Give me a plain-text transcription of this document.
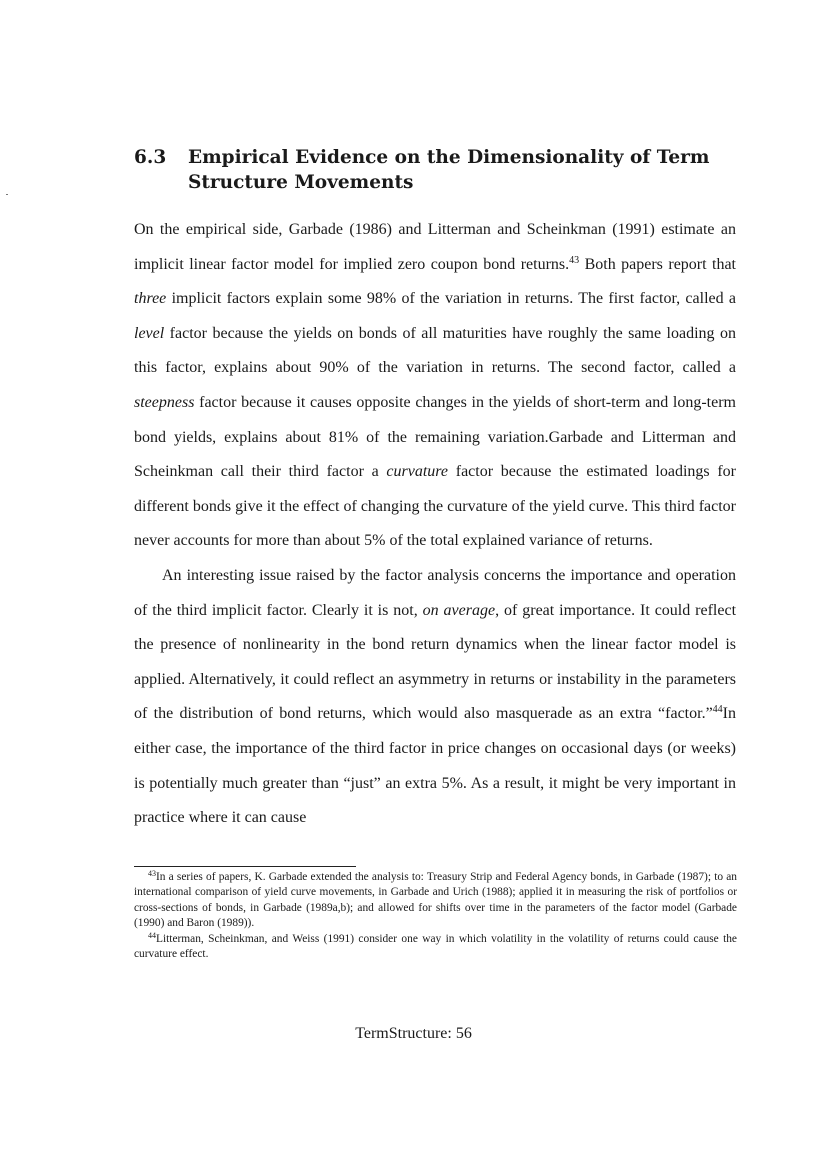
6.3	Empirical Evidence on the Dimensionality of Term Structure Movements

On the empirical side, Garbade (1986) and Litterman and Scheinkman (1991) estimate an implicit linear factor model for implied zero coupon bond returns.$^{43}$ Both papers report that three implicit factors explain some 98% of the variation in returns. The first factor, called a level factor because the yields on bonds of all maturities have roughly the same loading on this factor, explains about 90% of the variation in returns. The second factor, called a steepness factor because it causes opposite changes in the yields of short-term and long-term bond yields, explains about 81% of the remaining variation.Garbade and Litterman and Scheinkman call their third factor a curvature factor because the estimated loadings for different bonds give it the effect of changing the curvature of the yield curve. This third factor never accounts for more than about 5% of the total explained variance of returns.

An interesting issue raised by the factor analysis concerns the importance and operation of the third implicit factor. Clearly it is not, on average, of great importance. It could reflect the presence of nonlinearity in the bond return dynamics when the linear factor model is applied. Alternatively, it could reflect an asymmetry in returns or instability in the parameters of the distribution of bond returns, which would also masquerade as an extra “factor.”$^{44}$In either case, the importance of the third factor in price changes on occasional days (or weeks) is potentially much greater than “just” an extra 5%. As a result, it might be very important in practice where it can cause

$^{43}$In a series of papers, K. Garbade extended the analysis to: Treasury Strip and Federal Agency bonds, in Garbade (1987); to an international comparison of yield curve movements, in Garbade and Urich (1988); applied it in measuring the risk of portfolios or cross-sections of bonds, in Garbade (1989a,b); and allowed for shifts over time in the parameters of the factor model (Garbade (1990) and Baron (1989)).

$^{44}$Litterman, Scheinkman, and Weiss (1991) consider one way in which volatility in the volatility of returns could cause the curvature effect.

TermStructure: 56
